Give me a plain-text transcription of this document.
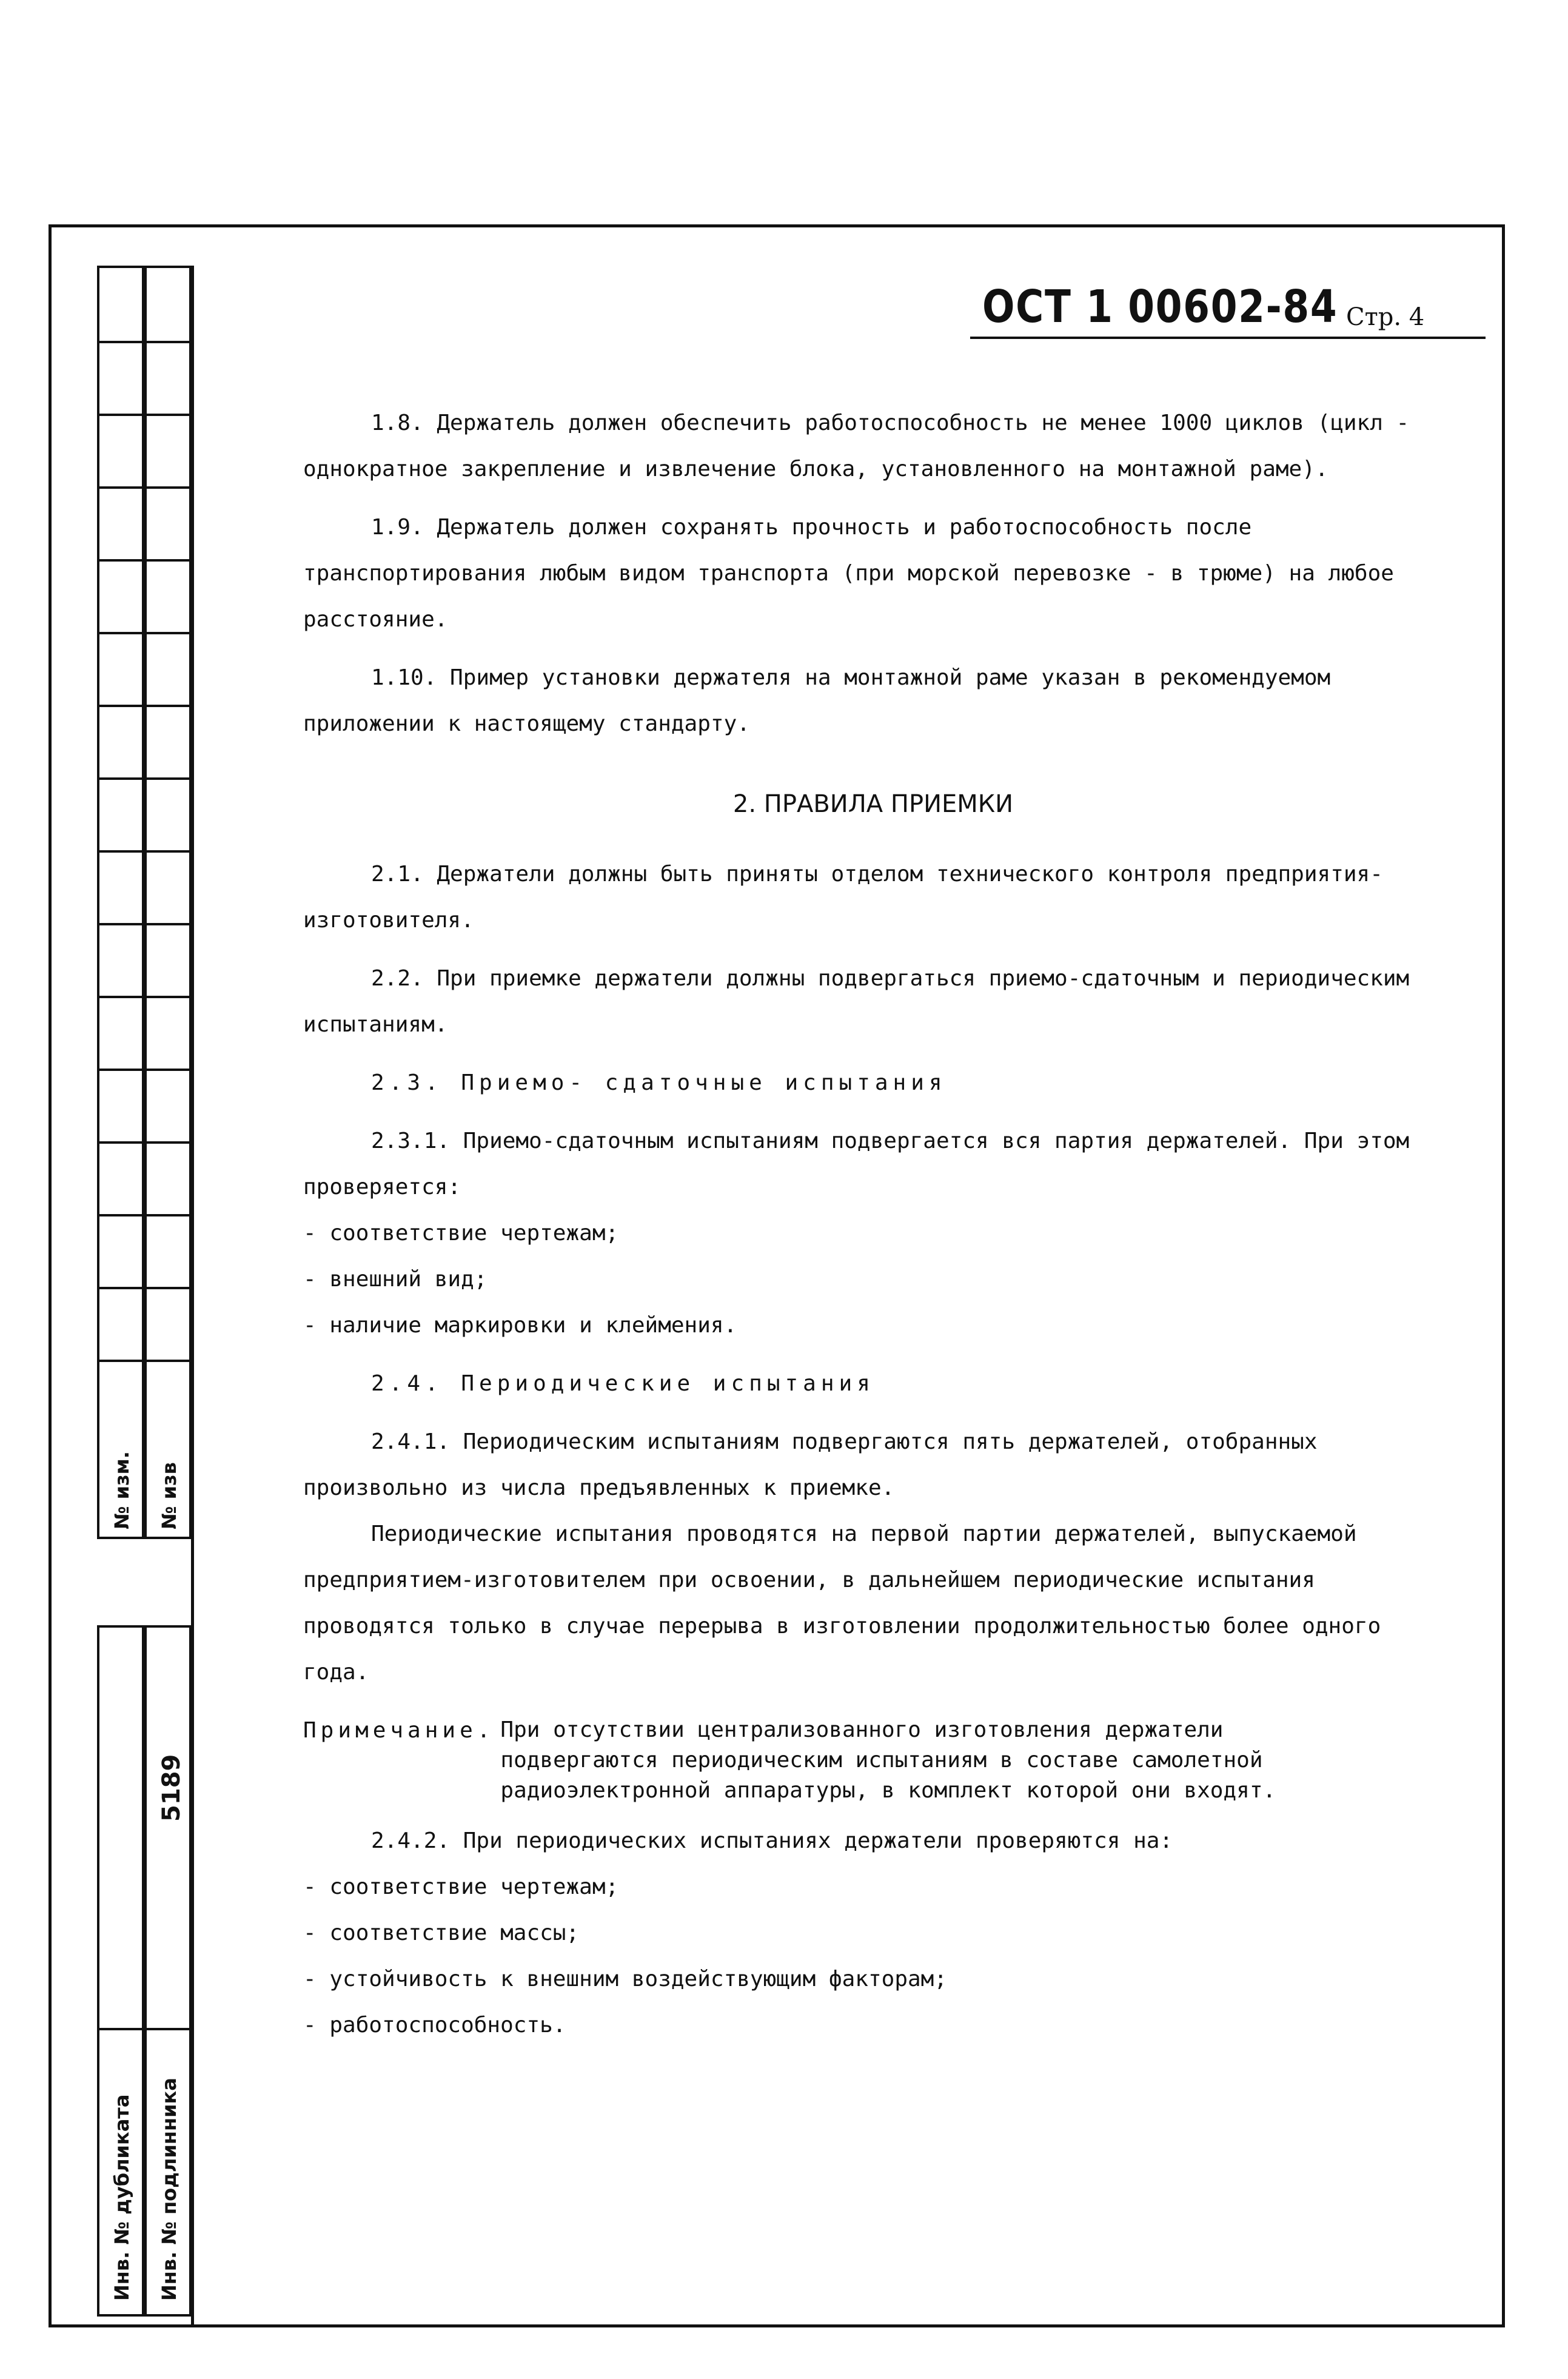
№ изм. № изв
Инв. № дубликата
5189
Инв. № подлинника
ОСТ 1 00602-84 Стр. 4

1.8. Держатель должен обеспечить работоспособность не менее 1000 циклов (цикл - однократное закрепление и извлечение блока, установленного на монтажной раме).

1.9. Держатель должен сохранять прочность и работоспособность после транспортирования любым видом транспорта (при морской перевозке - в трюме) на любое расстояние.

1.10. Пример установки держателя на монтажной раме указан в рекомендуемом приложении к настоящему стандарту.

2. ПРАВИЛА ПРИЕМКИ

2.1. Держатели должны быть приняты отделом технического контроля предприятия-изготовителя.

2.2. При приемке держатели должны подвергаться приемо-сдаточным и периодическим испытаниям.

2.3. Приемо- сдаточные испытания

2.3.1. Приемо-сдаточным испытаниям подвергается вся партия держателей. При этом проверяется:

- соответствие чертежам;

- внешний вид;

- наличие маркировки и клеймения.

2.4. Периодические испытания

2.4.1. Периодическим испытаниям подвергаются пять держателей, отобранных произвольно из числа предъявленных к приемке.

Периодические испытания проводятся на первой партии держателей, выпускаемой предприятием-изготовителем при освоении, в дальнейшем периодические испытания проводятся только в случае перерыва в изготовлении продолжительностью более одного года.

Примечание. При отсутствии централизованного изготовления держатели подвергаются периодическим испытаниям в составе самолетной радиоэлектронной аппаратуры, в комплект которой они входят.

2.4.2. При периодических испытаниях держатели проверяются на:

- соответствие чертежам;

- соответствие массы;

- устойчивость к внешним воздействующим факторам;

- работоспособность.
